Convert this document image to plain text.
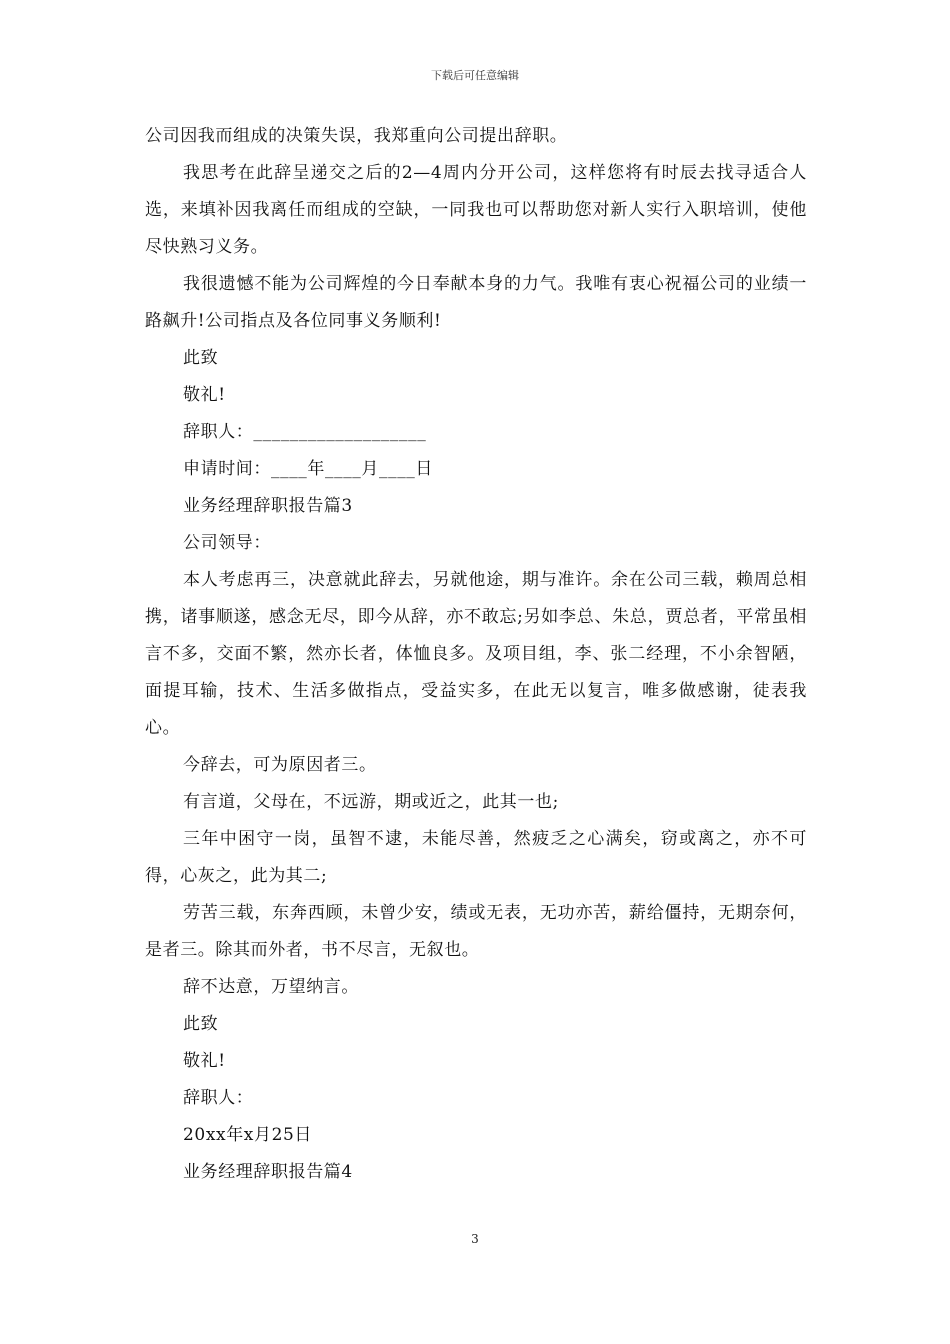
下载后可任意编辑

公司因我而组成的决策失误，我郑重向公司提出辞职。

我思考在此辞呈递交之后的2—4周内分开公司，这样您将有时辰去找寻适合人选，来填补因我离任而组成的空缺，一同我也可以帮助您对新人实行入职培训，使他尽快熟习义务。

我很遗憾不能为公司辉煌的今日奉献本身的力气。我唯有衷心祝福公司的业绩一路飙升!公司指点及各位同事义务顺利!

此致

敬礼!

辞职人：___________________

申请时间：____年____月____日

业务经理辞职报告篇3

公司领导：

本人考虑再三，决意就此辞去，另就他途，期与准许。余在公司三载，赖周总相携，诸事顺遂，感念无尽，即今从辞，亦不敢忘;另如李总、朱总，贾总者，平常虽相言不多，交面不繁，然亦长者，体恤良多。及项目组，李、张二经理，不小余智陋，面提耳输，技术、生活多做指点，受益实多，在此无以复言，唯多做感谢，徒表我心。

今辞去，可为原因者三。

有言道，父母在，不远游，期或近之，此其一也;

三年中困守一岗，虽智不逮，未能尽善，然疲乏之心满矣，窃或离之，亦不可得，心灰之，此为其二;

劳苦三载，东奔西顾，未曾少安，绩或无表，无功亦苦，薪给僵持，无期奈何，是者三。除其而外者，书不尽言，无叙也。

辞不达意，万望纳言。

此致

敬礼!

辞职人：

20xx年x月25日

业务经理辞职报告篇4

3
